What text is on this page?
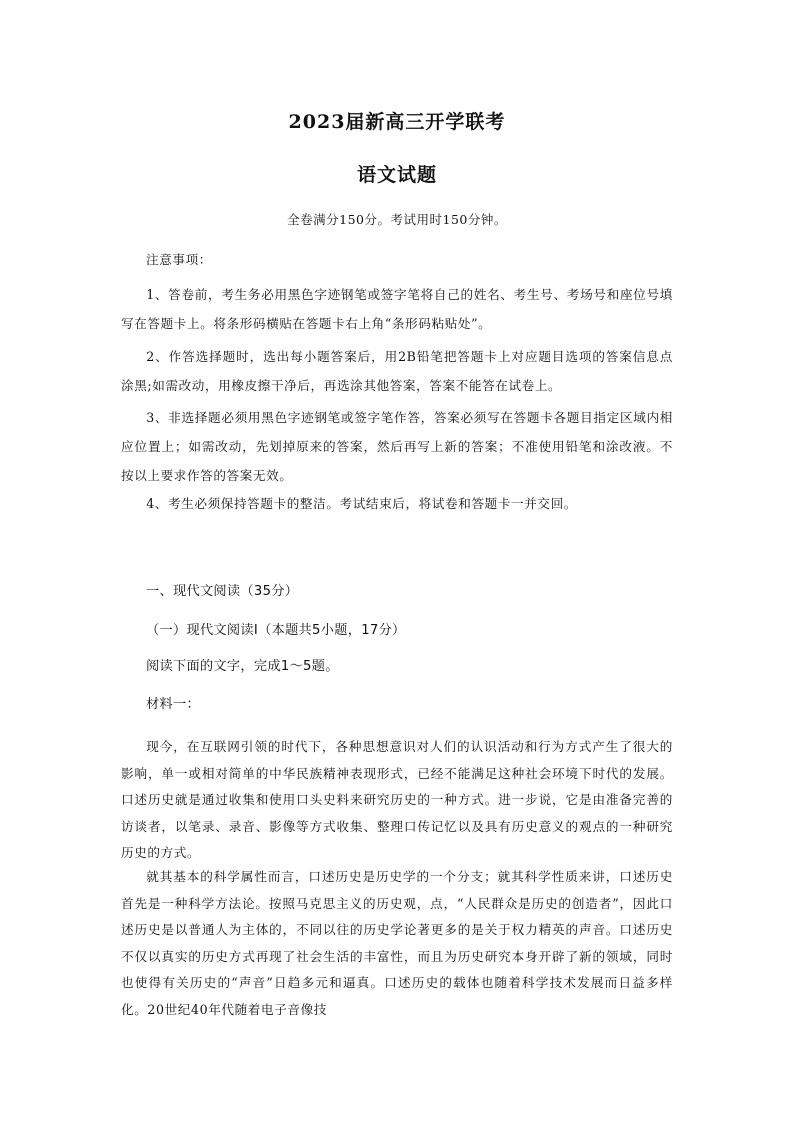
2023届新高三开学联考
语文试题
全卷满分150分。考试用时150分钟。
注意事项：
1、答卷前，考生务必用黑色字迹钢笔或签字笔将自己的姓名、考生号、考场号和座位号填写在答题卡上。将条形码横贴在答题卡右上角“条形码粘贴处”。
2、作答选择题时，选出每小题答案后，用2B铅笔把答题卡上对应题目选项的答案信息点涂黑;如需改动，用橡皮擦干净后，再选涂其他答案，答案不能答在试卷上。
3、非选择题必须用黑色字迹钢笔或签字笔作答，答案必须写在答题卡各题目指定区域内相应位置上；如需改动，先划掉原来的答案，然后再写上新的答案；不准使用铅笔和涂改液。不按以上要求作答的答案无效。
4、考生必须保持答题卡的整洁。考试结束后，将试卷和答题卡一并交回。
一、现代文阅读（35分）
（一）现代文阅读Ⅰ（本题共5小题，17分）
阅读下面的文字，完成1～5题。
材料一：
现今，在互联网引领的时代下，各种思想意识对人们的认识活动和行为方式产生了很大的影响，单一或相对简单的中华民族精神表现形式，已经不能满足这种社会环境下时代的发展。口述历史就是通过收集和使用口头史料来研究历史的一种方式。进一步说，它是由准备完善的访谈者，以笔录、录音、影像等方式收集、整理口传记忆以及具有历史意义的观点的一种研究历史的方式。
就其基本的科学属性而言，口述历史是历史学的一个分支；就其科学性质来讲，口述历史首先是一种科学方法论。按照马克思主义的历史观，点，“人民群众是历史的创造者”，因此口述历史是以普通人为主体的，不同以往的历史学论著更多的是关于权力精英的声音。口述历史不仅以真实的历史方式再现了社会生活的丰富性，而且为历史研究本身开辟了新的领域，同时也使得有关历史的“声音”日趋多元和逼真。口述历史的载体也随着科学技术发展而日益多样化。20世纪40年代随着电子音像技
